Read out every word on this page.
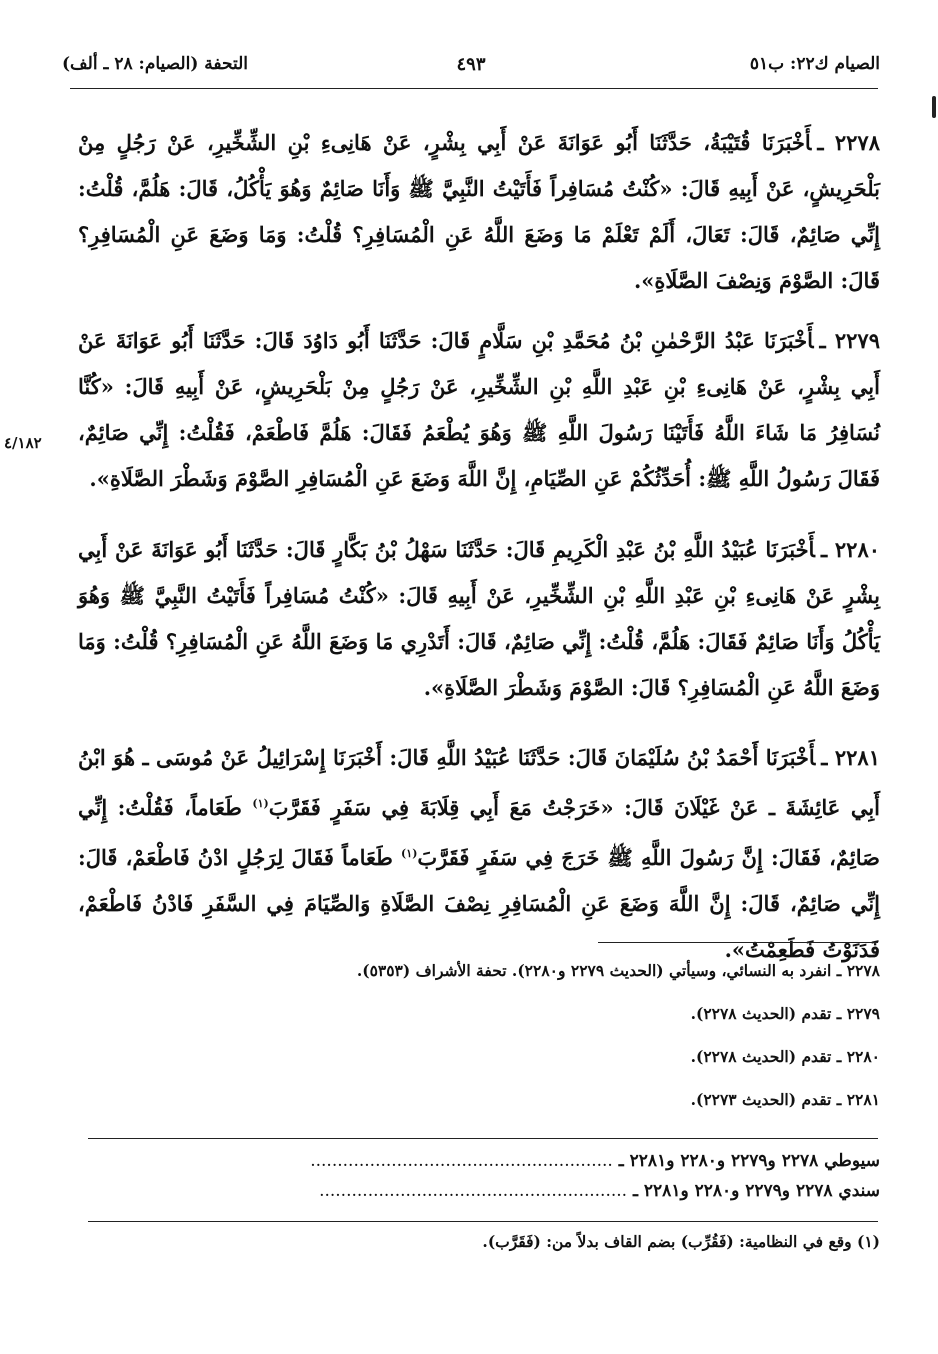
الصيام ك٢٢: ب٥١
٤٩٣
التحفة (الصيام: ٢٨ ـ ألف)
٤/١٨٢
٢٢٧٨ ـأَخْبَرَنَا قُتَيْبَةُ، حَدَّثَنَا أَبُو عَوَانَةَ عَنْ أَبِي بِشْرٍ، عَنْ هَانِىءِ بْنِ الشِّخِّيرِ، عَنْ رَجُلٍ مِنْ بَلْحَرِيشٍ، عَنْ أَبِيهِ قَالَ: «كُنْتُ مُسَافِراً فَأَتَيْتُ النَّبِيَّ ﷺ وَأَنَا صَائِمٌ وَهُوَ يَأْكُلُ، قَالَ: هَلُمَّ، قُلْتُ: إِنِّي صَائِمٌ، قَالَ: تَعَالَ، أَلَمْ تَعْلَمْ مَا وَضَعَ اللَّهُ عَنِ الْمُسَافِرِ؟ قُلْتُ: وَمَا وَضَعَ عَنِ الْمُسَافِرِ؟ قَالَ: الصَّوْمَ وَنِصْفَ الصَّلَاةِ».
٢٢٧٩ ـأَخْبَرَنَا عَبْدُ الرَّحْمٰنِ بْنُ مُحَمَّدِ بْنِ سَلَّامٍ قَالَ: حَدَّثَنَا أَبُو دَاوُدَ قَالَ: حَدَّثَنَا أَبُو عَوَانَةَ عَنْ أَبِي بِشْرٍ، عَنْ هَانِىءِ بْنِ عَبْدِ اللَّهِ بْنِ الشِّخِّيرِ، عَنْ رَجُلٍ مِنْ بَلْحَرِيشٍ، عَنْ أَبِيهِ قَالَ: «كُنَّا نُسَافِرُ مَا شَاءَ اللَّهُ فَأَتَيْنَا رَسُولَ اللَّهِ ﷺ وَهُوَ يُطْعَمُ فَقَالَ: هَلُمَّ فَاطْعَمْ، فَقُلْتُ: إِنِّي صَائِمٌ، فَقَالَ رَسُولُ اللَّهِ ﷺ: أُحَدِّثُكُمْ عَنِ الصِّيَامِ، إِنَّ اللَّهَ وَضَعَ عَنِ الْمُسَافِرِ الصَّوْمَ وَشَطْرَ الصَّلَاةِ».
٢٢٨٠ ـأَخْبَرَنَا عُبَيْدُ اللَّهِ بْنُ عَبْدِ الْكَرِيمِ قَالَ: حَدَّثَنَا سَهْلُ بْنُ بَكَّارٍ قَالَ: حَدَّثَنَا أَبُو عَوَانَةَ عَنْ أَبِي بِشْرٍ عَنْ هَانِىءِ بْنِ عَبْدِ اللَّهِ بْنِ الشِّخِّيرِ، عَنْ أَبِيهِ قَالَ: «كُنْتُ مُسَافِراً فَأَتَيْتُ النَّبِيَّ ﷺ وَهُوَ يَأْكُلُ وَأَنَا صَائِمٌ فَقَالَ: هَلُمَّ، قُلْتُ: إِنِّي صَائِمٌ، قَالَ: أَتَدْرِي مَا وَضَعَ اللَّهُ عَنِ الْمُسَافِرِ؟ قُلْتُ: وَمَا وَضَعَ اللَّهُ عَنِ الْمُسَافِرِ؟ قَالَ: الصَّوْمَ وَشَطْرَ الصَّلَاةِ».
٢٢٨١ ـأَخْبَرَنَا أَحْمَدُ بْنُ سُلَيْمَانَ قَالَ: حَدَّثَنَا عُبَيْدُ اللَّهِ قَالَ: أَخْبَرَنَا إِسْرَائِيلُ عَنْ مُوسَى ـ هُوَ ابْنُ أَبِي عَائِشَةَ ـ عَنْ غَيْلَانَ قَالَ: «خَرَجْتُ مَعَ أَبِي قِلَابَةَ فِي سَفَرٍ فَقَرَّبَ$^{(١)}$ طَعَاماً، فَقُلْتُ: إِنِّي صَائِمٌ، فَقَالَ: إِنَّ رَسُولَ اللَّهِ ﷺ خَرَجَ فِي سَفَرٍ فَقَرَّبَ$^{(١)}$ طَعَاماً فَقَالَ لِرَجُلٍ ادْنُ فَاطْعَمْ، قَالَ: إِنِّي صَائِمٌ، قَالَ: إِنَّ اللَّهَ وَضَعَ عَنِ الْمُسَافِرِ نِصْفَ الصَّلَاةِ وَالصِّيَامَ فِي السَّفَرِ فَادْنُ فَاطْعَمْ، فَدَنَوْتُ فَطَعِمْتُ».
٢٢٧٨ ـ انفرد به النسائي، وسيأتي (الحديث ٢٢٧٩ و٢٢٨٠). تحفة الأشراف (٥٣٥٣).
٢٢٧٩ ـ تقدم (الحديث ٢٢٧٨).
٢٢٨٠ ـ تقدم (الحديث ٢٢٧٨).
٢٢٨١ ـ تقدم (الحديث ٢٢٧٣).
سيوطي ٢٢٧٨ و٢٢٧٩ و٢٢٨٠ و٢٢٨١ ـ ........................................................
سندي ٢٢٧٨ و٢٢٧٩ و٢٢٨٠ و٢٢٨١ ـ .........................................................
(١) وقع في النظامية: (فَقُرِّب) بضم القاف بدلاً من: (فَقَرَّب).
